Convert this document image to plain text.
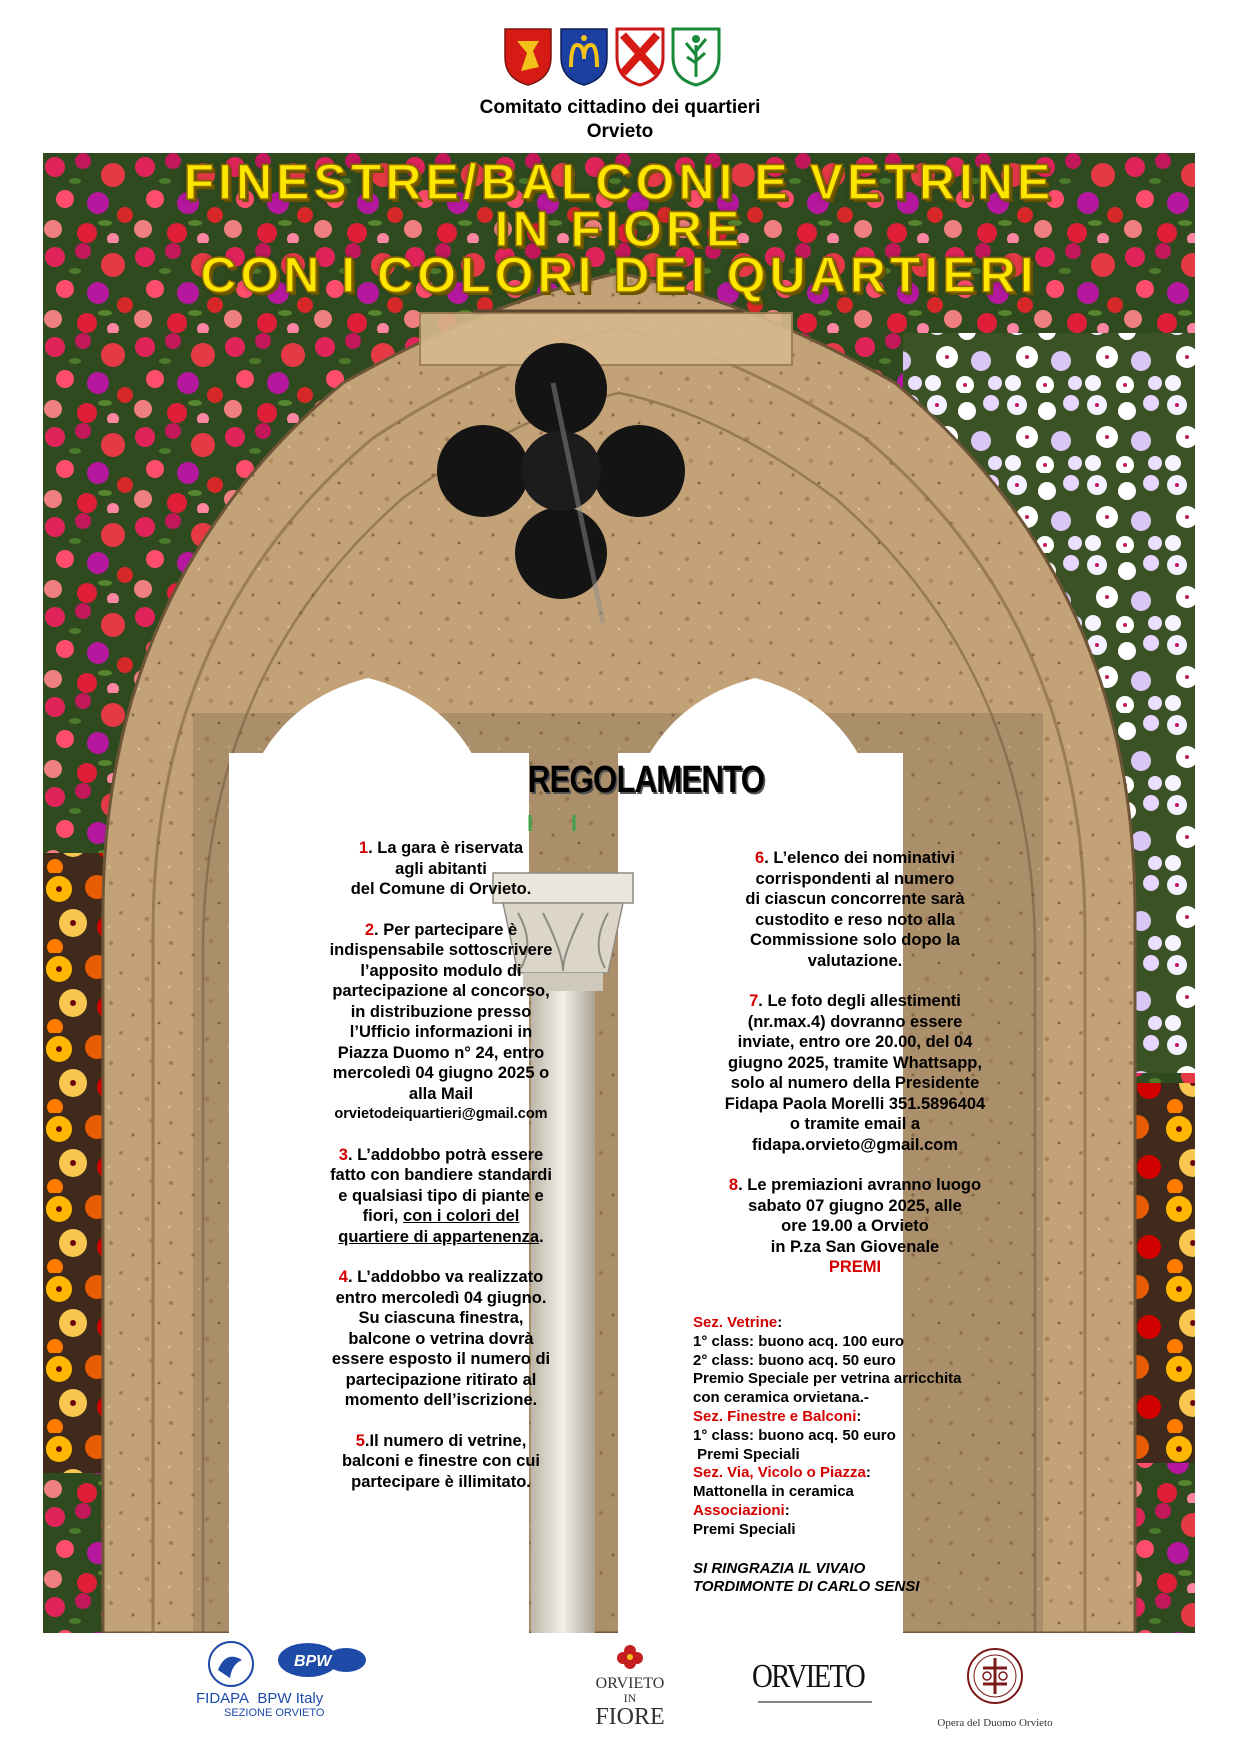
Comitato cittadino dei quartieri
Orvieto
FINESTRE/BALCONI E VETRINE
IN FIORE
CON I COLORI DEI QUARTIERI
REGOLAMENTO

1. La gara è riservata

agli abitanti

del Comune di Orvieto.

2. Per partecipare è

indispensabile sottoscrivere

l’apposito modulo di

partecipazione al concorso,

in distribuzione presso

l’Ufficio informazioni in

Piazza Duomo n° 24, entro

mercoledì 04 giugno 2025 o

alla Mail

orvietodeiquartieri@gmail.com

3. L’addobbo potrà essere

fatto con bandiere standardi

e qualsiasi tipo di piante e

fiori, con i colori del

quartiere di appartenenza.

4. L’addobbo va realizzato

entro mercoledì 04 giugno.

Su ciascuna finestra,

balcone o vetrina dovrà

essere esposto il numero di

partecipazione ritirato al

momento dell’iscrizione.

5.Il numero di vetrine,

balconi e finestre con cui

partecipare è illimitato.

6. L’elenco dei nominativi

corrispondenti al numero

di ciascun concorrente sarà

custodito e reso noto alla

Commissione solo dopo la

valutazione.

7. Le foto degli allestimenti

(nr.max.4) dovranno essere

inviate, entro ore 20.00, del 04

giugno 2025, tramite Whattsapp,

solo al numero della Presidente

Fidapa Paola Morelli 351.5896404

o tramite email a

fidapa.orvieto@gmail.com

8. Le premiazioni avranno luogo

sabato 07 giugno 2025, alle

ore 19.00 a Orvieto

in P.za San Giovenale

PREMI

Sez. Vetrine:

1° class: buono acq. 100 euro

2° class: buono acq. 50 euro

Premio Speciale per vetrina arricchita

con ceramica orvietana.-

Sez. Finestre e Balconi:

1° class: buono acq. 50 euro

Premi Speciali

Sez. Via, Vicolo o Piazza:

Mattonella in ceramica

Associazioni:

Premi Speciali

SI RINGRAZIA IL VIVAIO

TORDIMONTE DI CARLO SENSI

BPW
FIDAPA BPW Italy
SEZIONE ORVIETO
ORVIETO
IN
FIORE
ORVIETO
Opera del Duomo Orvieto
